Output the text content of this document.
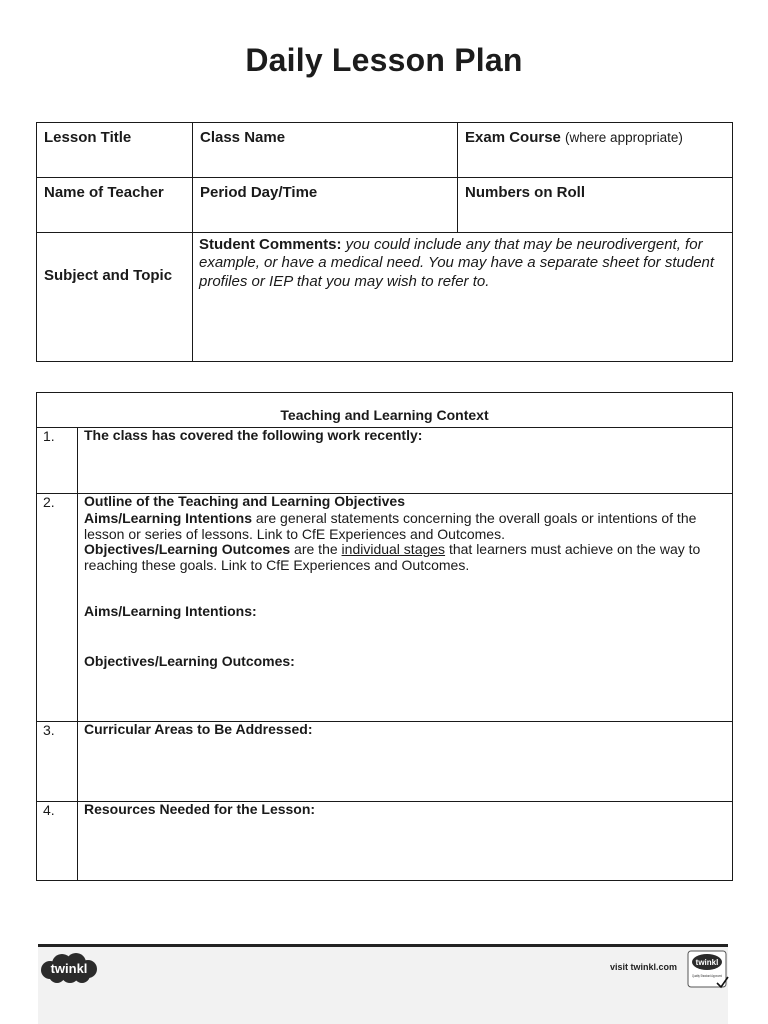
Daily Lesson Plan
Lesson Title	Class Name	Exam Course (where appropriate)
Name of Teacher	Period Day/Time	Numbers on Roll

Subject and Topic	Student Comments: you could include any that may be neurodivergent, for example, or have a medical need. You may have a separate sheet for student profiles or IEP that you may wish to refer to.	
Teaching and Learning Context	
1.	The class has covered the following work recently:
2.	Outline of the Teaching and Learning Objectives
Aims/Learning Intentions are general statements concerning the overall goals or intentions of the lesson or series of lessons. Link to CfE Experiences and Outcomes.
Objectives/Learning Outcomes are the individual stages that learners must achieve on the way to reaching these goals. Link to CfE Experiences and Outcomes.
Aims/Learning Intentions:
Objectives/Learning Outcomes:

3.	Curricular Areas to Be Addressed:
4.	Resources Needed for the Lesson:
twinkl	visit twinkl.com twinkl
Quality Standard Approved
